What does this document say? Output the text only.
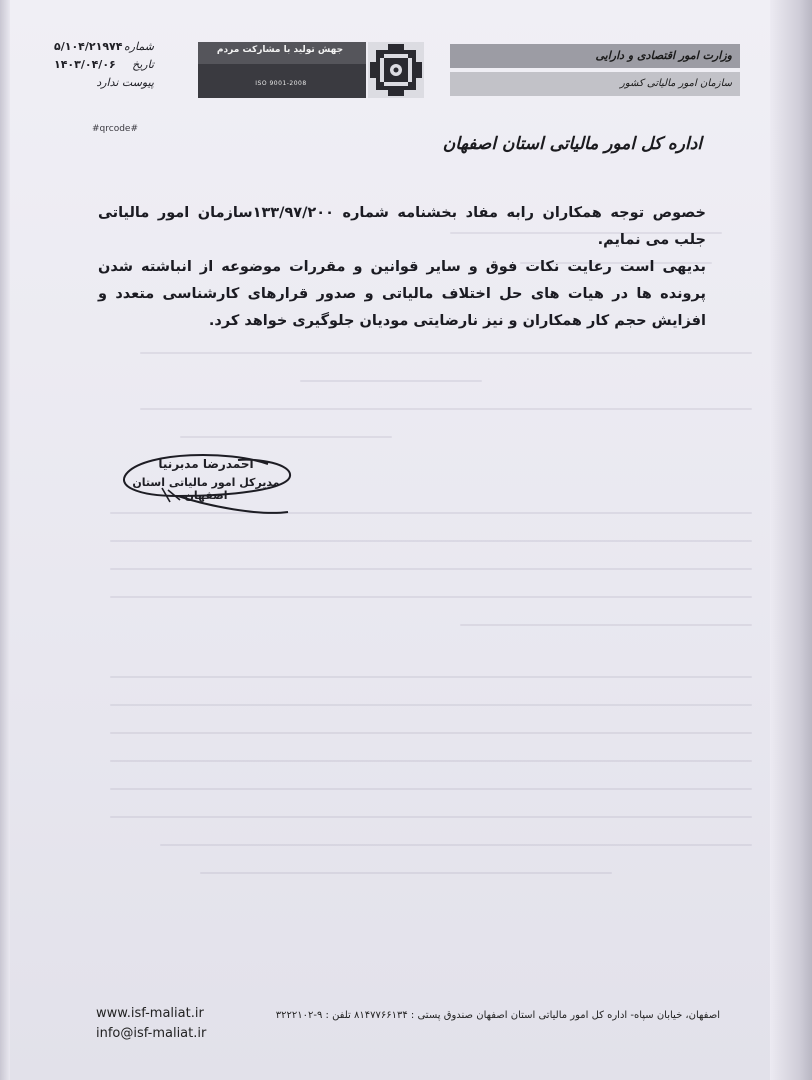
شماره
۵/۱۰۴/۲۱۹۷۴
تاریخ
۱۴۰۳/۰۴/۰۶
پیوست ندارد
جهش تولید با مشارکت مردم
ISO 9001-2008
وزارت امور اقتصادی و دارایی
سازمان امور مالیاتی کشور
#qrcode#
اداره کل امور مالیاتی استان اصفهان

خصوص توجه همکاران رابه مفاد بخشنامه شماره ۱۳۳/۹۷/۲۰۰سازمان امور مالیاتی جلب می نمایم.

بدیهی است رعایت نکات فوق و سایر قوانین و مقررات موضوعه از انباشته شدن پرونده ها در هیات های حل اختلاف مالیاتی و صدور قرارهای کارشناسی متعدد و افزایش حجم کار همکاران و نیز نارضایتی مودیان جلوگیری خواهد کرد.

احمدرضا مدبرنیا
مدیرکل امور مالیاتی استان اصفهان
www.isf-maliat.ir
info@isf-maliat.ir
اصفهان، خیابان سپاه- اداره کل امور مالیاتی استان اصفهان صندوق پستی : ۸۱۴۷۷۶۶۱۳۴ تلفن : ۹-۳۲۲۲۱۰۲
